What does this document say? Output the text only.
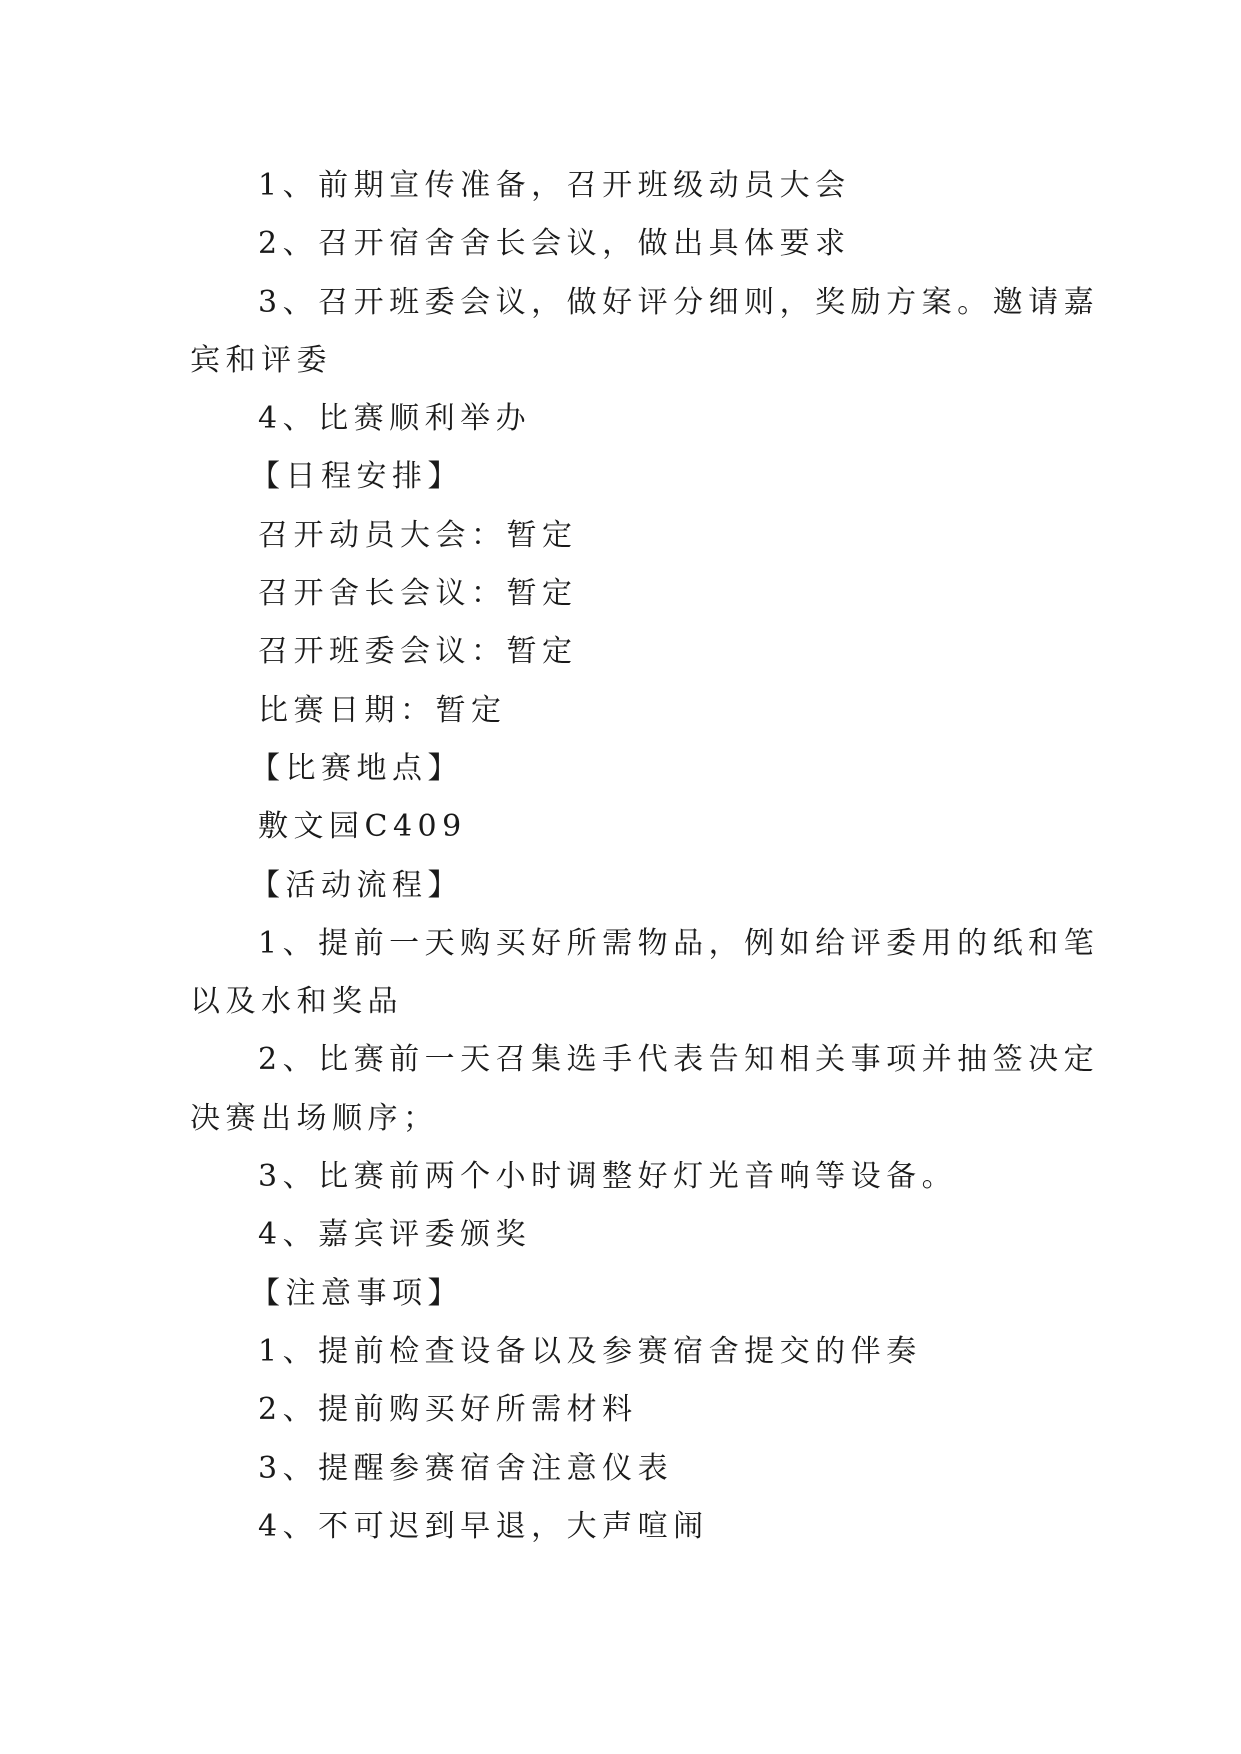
1、前期宣传准备，召开班级动员大会

2、召开宿舍舍长会议，做出具体要求

3、召开班委会议，做好评分细则，奖励方案。邀请嘉

宾和评委

4、比赛顺利举办

【日程安排】

召开动员大会：暂定

召开舍长会议：暂定

召开班委会议：暂定

比赛日期：暂定

【比赛地点】

敷文园C409

【活动流程】

1、提前一天购买好所需物品，例如给评委用的纸和笔

以及水和奖品

2、比赛前一天召集选手代表告知相关事项并抽签决定

决赛出场顺序；

3、比赛前两个小时调整好灯光音响等设备。

4、嘉宾评委颁奖

【注意事项】

1、提前检查设备以及参赛宿舍提交的伴奏

2、提前购买好所需材料

3、提醒参赛宿舍注意仪表

4、不可迟到早退，大声喧闹
